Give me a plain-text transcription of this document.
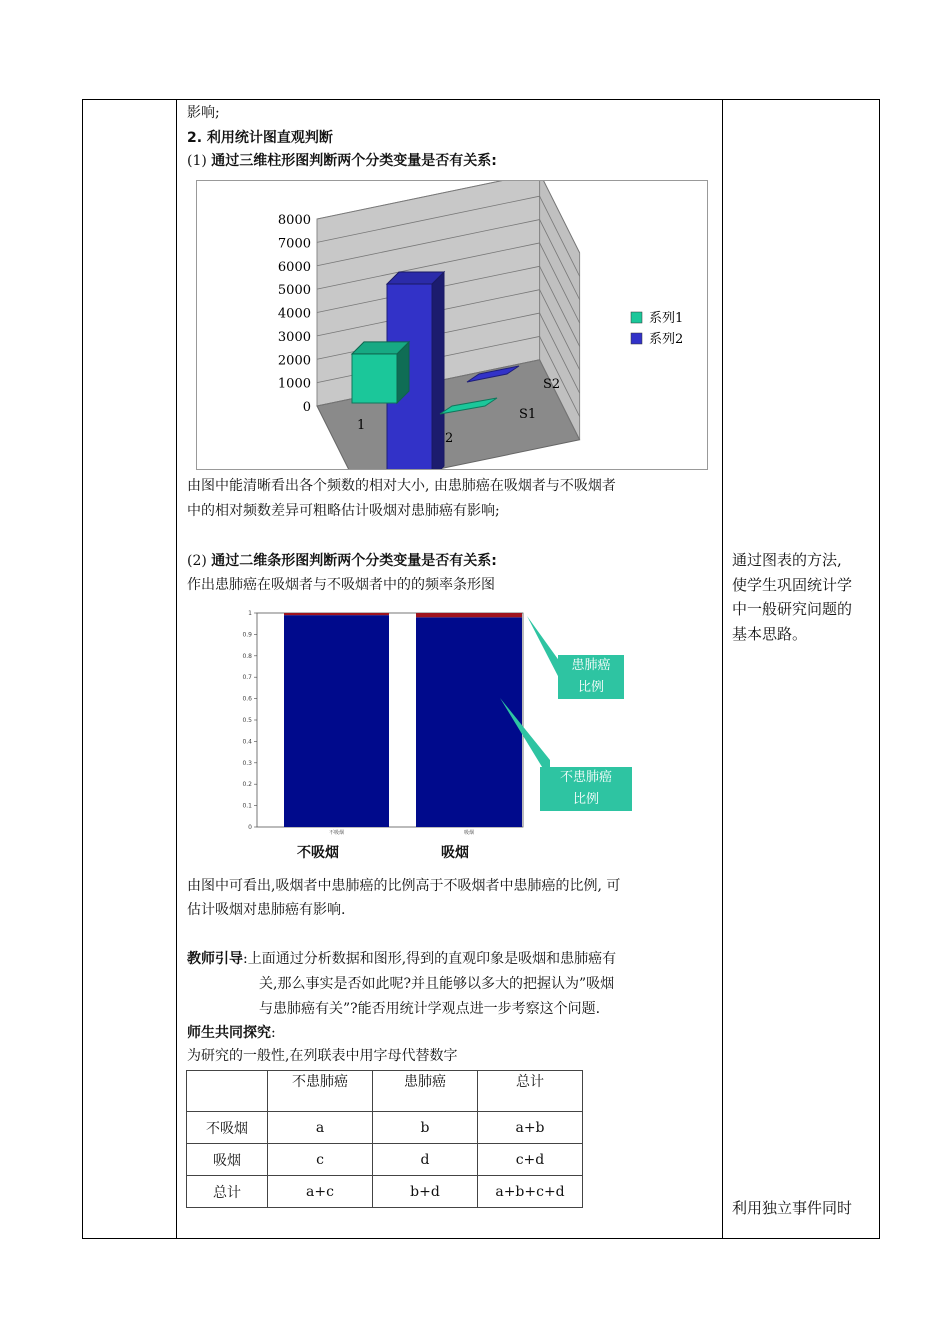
影响;
2. 利用统计图直观判断
(1) 通过三维柱形图判断两个分类变量是否有关系:
由图中能清晰看出各个频数的相对大小, 由患肺癌在吸烟者与不吸烟者
中的相对频数差异可粗略估计吸烟对患肺癌有影响;
(2) 通过二维条形图判断两个分类变量是否有关系:
作出患肺癌在吸烟者与不吸烟者中的的频率条形图
由图中可看出,吸烟者中患肺癌的比例高于不吸烟者中患肺癌的比例, 可
估计吸烟对患肺癌有影响.
教师引导:上面通过分析数据和图形,得到的直观印象是吸烟和患肺癌有
关,那么事实是否如此呢?并且能够以多大的把握认为”吸烟
与患肺癌有关”?能否用统计学观点进一步考察这个问题.
师生共同探究:
为研究的一般性,在列联表中用字母代替数字
0
1000
2000
3000
4000
5000
6000
7000
8000
1
2
S1
S2
系列1
系列2
0
0.1
0.2
0.3
0.4
0.5
0.6
0.7
0.8
0.9
1
不吸烟	吸烟
不吸烟	吸烟
患肺癌
比例
不患肺癌
比例
	不患肺癌	患肺癌	总计
不吸烟	a	b	a+b
吸烟	c	d	c+d
总计	a+c	b+d	a+b+c+d
通过图表的方法,
使学生巩固统计学
中一般研究问题的
基本思路。
利用独立事件同时
